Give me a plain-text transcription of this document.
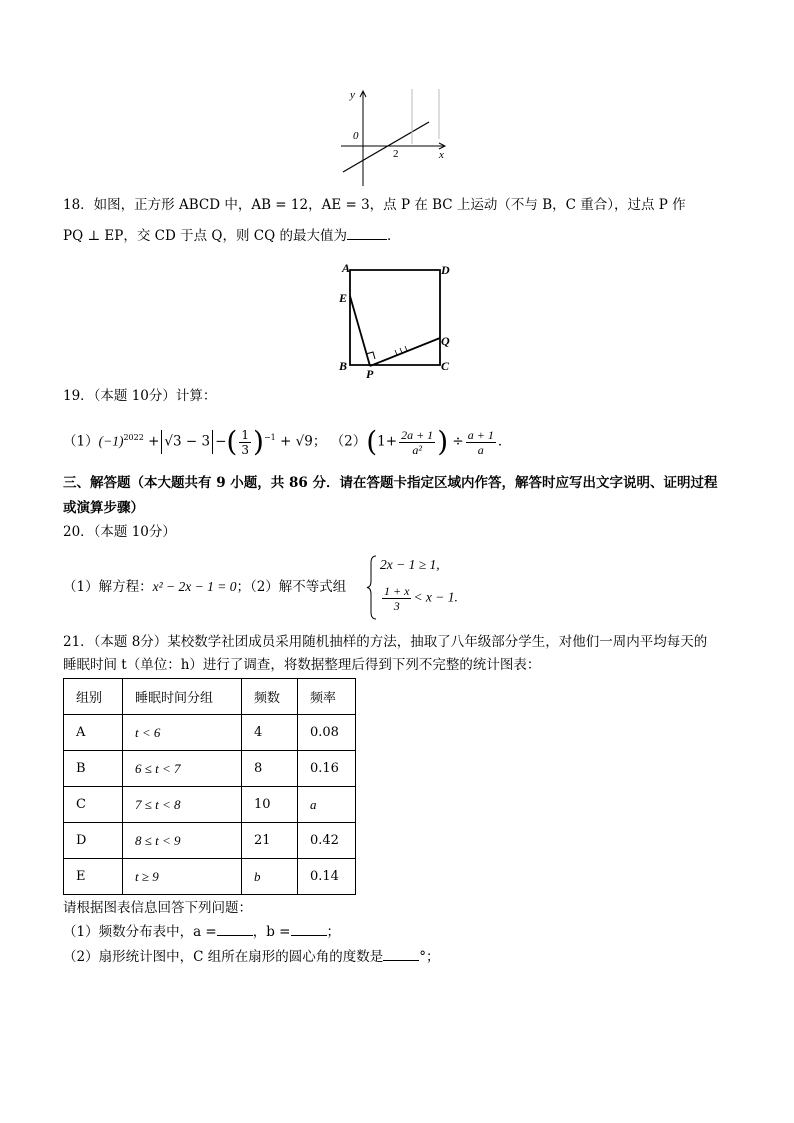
y
x
0
2
18．如图，正方形 ABCD 中，AB = 12，AE = 3，点 P 在 BC 上运动（不与 B，C 重合），过点 P 作
PQ ⊥ EP，交 CD 于点 Q，则 CQ 的最大值为	．
A	D
E
B	C
Q
P
19．（本题 10分）计算：
$(1)(-1)^{2022} + √3 - 3$ −( $\frac{1}{3} )^{-1} + √9$； $(2)(1+ \frac{2a + 1}{\text{a²}}$ ) ÷ $\frac{a + 1}{a}$ ．
三、解答题（本大题共有 9 小题，共 86 分．请在答题卡指定区域内作答，解答时应写出文字说明、证明过程
或演算步骤）
20．（本题 10分）
（1）解方程：x² − 2x − 1 = 0；（2）解不等式组
2x − 1 ≥ 1,
$\frac{1 + x}{3} < x - 1$.
21．（本题 8分）某校数学社团成员采用随机抽样的方法，抽取了八年级部分学生，对他们一周内平均每天的
睡眠时间 t（单位：h）进行了调查，将数据整理后得到下列不完整的统计图表：
组别	睡眠时间分组	频数	频率
A	t < 6	4	0.08
B	6 ≤ t < 7	8	0.16
C	7 ≤ t < 8	10	a
D	8 ≤ t < 9	21	0.42
E	t ≥ 9	b	0.14
请根据图表信息回答下列问题：
（1）频数分布表中，a =	，b =	；
（2）扇形统计图中，C 组所在扇形的圆心角的度数是	°；
